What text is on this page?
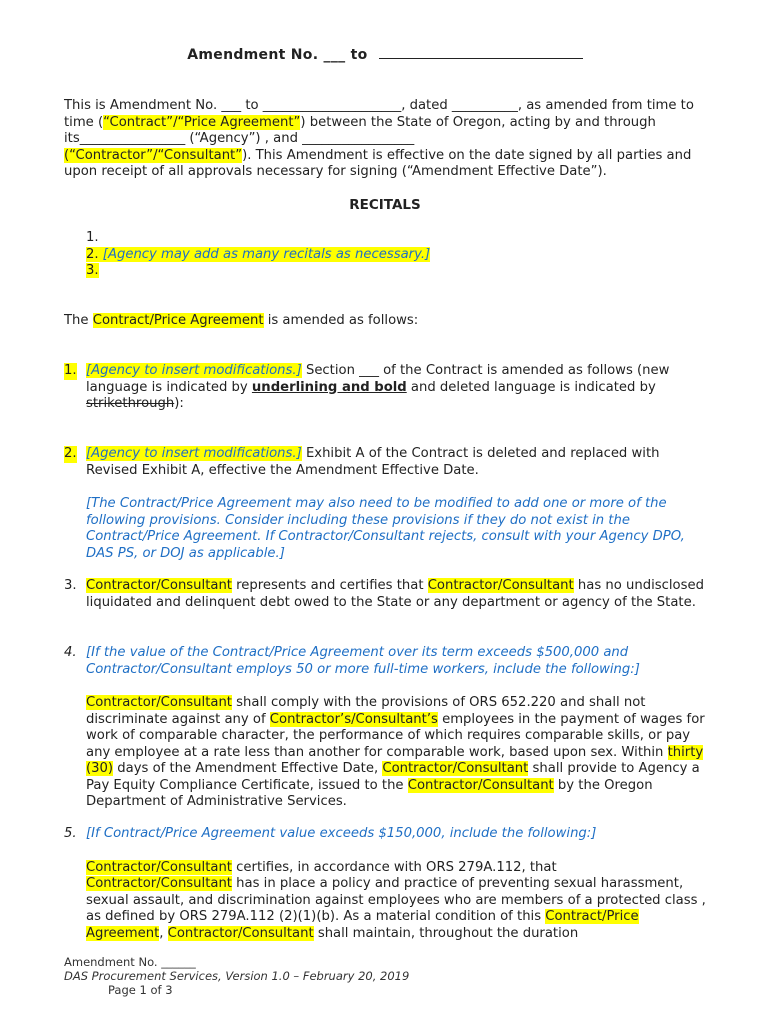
Amendment No. ___ to
This is Amendment No. ___ to _____________________, dated __________, as amended from time to time (“Contract”/“Price Agreement”) between the State of Oregon, acting by and through its________________ (“Agency”) , and _________________
(“Contractor”/“Consultant”). This Amendment is effective on the date signed by all parties and upon receipt of all approvals necessary for signing (“Amendment Effective Date”).
RECITALS
1.
2. [Agency may add as many recitals as necessary.]
3.
The Contract/Price Agreement is amended as follows:
1. [Agency to insert modifications.] Section ___ of the Contract is amended as follows (new language is indicated by underlining and bold and deleted language is indicated by strikethrough):
2. [Agency to insert modifications.] Exhibit A of the Contract is deleted and replaced with Revised Exhibit A, effective the Amendment Effective Date.
[The Contract/Price Agreement may also need to be modified to add one or more of the following provisions. Consider including these provisions if they do not exist in the Contract/Price Agreement. If Contractor/Consultant rejects, consult with your Agency DPO, DAS PS, or DOJ as applicable.]
3. Contractor/Consultant represents and certifies that Contractor/Consultant has no undisclosed liquidated and delinquent debt owed to the State or any department or agency of the State.
4. [If the value of the Contract/Price Agreement over its term exceeds $500,000 and Contractor/Consultant employs 50 or more full-time workers, include the following:]
Contractor/Consultant shall comply with the provisions of ORS 652.220 and shall not discriminate against any of Contractor’s/Consultant’s employees in the payment of wages for work of comparable character, the performance of which requires comparable skills, or pay any employee at a rate less than another for comparable work, based upon sex. Within thirty (30) days of the Amendment Effective Date, Contractor/Consultant shall provide to Agency a Pay Equity Compliance Certificate, issued to the Contractor/Consultant by the Oregon Department of Administrative Services.
5. [If Contract/Price Agreement value exceeds $150,000, include the following:]
Contractor/Consultant certifies, in accordance with ORS 279A.112, that Contractor/Consultant has in place a policy and practice of preventing sexual harassment, sexual assault, and discrimination against employees who are members of a protected class , as defined by ORS 279A.112 (2)(1)(b). As a material condition of this Contract/Price Agreement, Contractor/Consultant shall maintain, throughout the duration
Amendment No. ______
DAS Procurement Services, Version 1.0 – February 20, 2019
Page 1 of 3
